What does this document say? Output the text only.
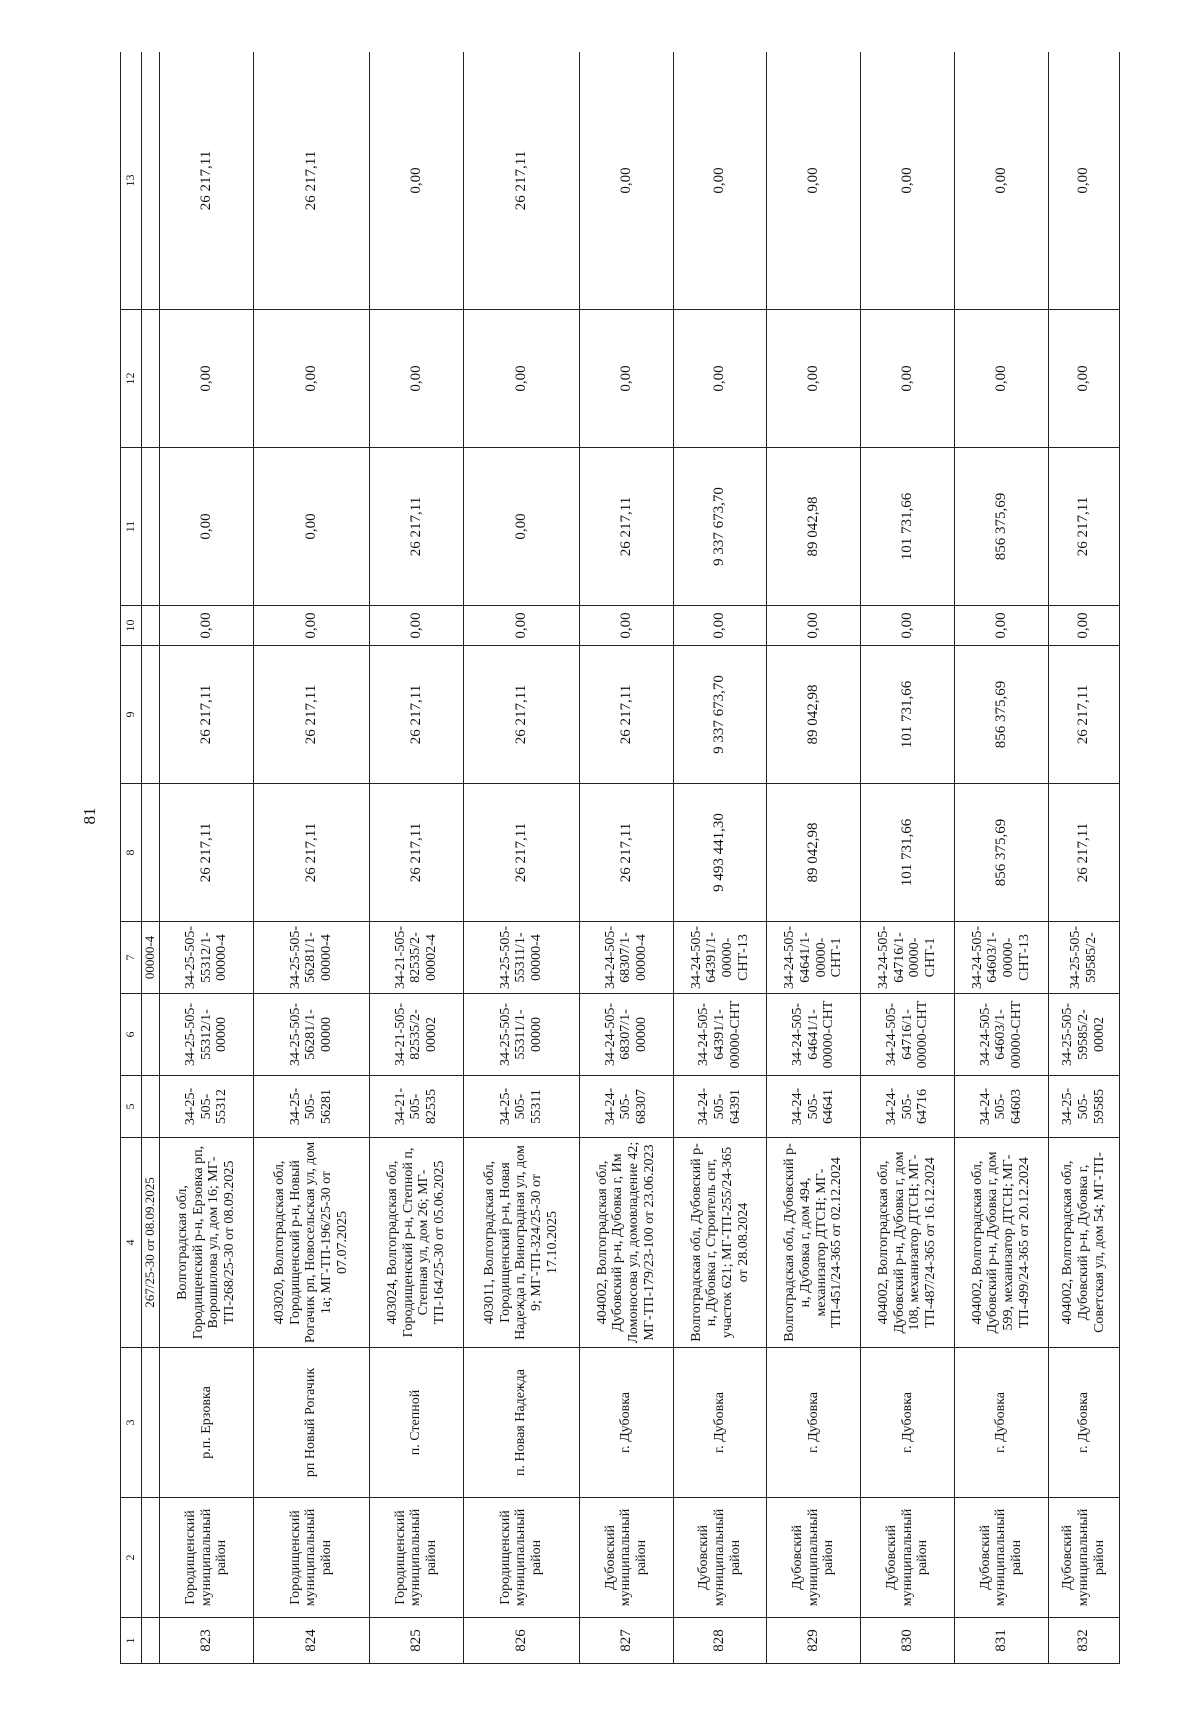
81
1	2	3	4	5	6	7	8	9	10	11	12	13
			267/25-30 от 08.09.2025			00000-4						
823	Городищенский муниципальный район	р.п. Ерзовка	Волгоградская обл, Городищенский р-н, Ерзовка рп, Ворошилова ул, дом 16; МГ-ТП-268/25-30 от 08.09.2025	34-25-505-55312	34-25-505-55312/1-00000	34-25-505-55312/1-00000-4	26 217,11	26 217,11	0,00	0,00	0,00	26 217,11
824	Городищенский муниципальный район	рп Новый Рогачик	403020, Волгоградская обл, Городищенский р-н, Новый Рогачик рп, Новосельская ул, дом 1а; МГ-ТП-196/25-30 от 07.07.2025	34-25-505-56281	34-25-505-56281/1-00000	34-25-505-56281/1-00000-4	26 217,11	26 217,11	0,00	0,00	0,00	26 217,11
825	Городищенский муниципальный район	п. Степной	403024, Волгоградская обл, Городищенский р-н, Степной п, Степная ул, дом 26; МГ-ТП-164/25-30 от 05.06.2025	34-21-505-82535	34-21-505-82535/2-00002	34-21-505-82535/2-00002-4	26 217,11	26 217,11	0,00	26 217,11	0,00	0,00
826	Городищенский муниципальный район	п. Новая Надежда	403011, Волгоградская обл, Городищенский р-н, Новая Надежда п, Виноградная ул, дом 9; МГ-ТП-324/25-30 от 17.10.2025	34-25-505-55311	34-25-505-55311/1-00000	34-25-505-55311/1-00000-4	26 217,11	26 217,11	0,00	0,00	0,00	26 217,11
827	Дубовский муниципальный район	г. Дубовка	404002, Волгоградская обл, Дубовский р-н, Дубовка г, Им Ломоносова ул, домовладение 42; МГ-ТП-179/23-100 от 23.06.2023	34-24-505-68307	34-24-505-68307/1-00000	34-24-505-68307/1-00000-4	26 217,11	26 217,11	0,00	26 217,11	0,00	0,00
828	Дубовский муниципальный район	г. Дубовка	Волгоградская обл, Дубовский р-н, Дубовка г, Строитель снт, участок 621; МГ-ТП-255/24-365 от 28.08.2024	34-24-505-64391	34-24-505-64391/1-00000-СНТ	34-24-505-64391/1-00000-СНТ-13	9 493 441,30	9 337 673,70	0,00	9 337 673,70	0,00	0,00
829	Дубовский муниципальный район	г. Дубовка	Волгоградская обл, Дубовский р-н, Дубовка г, дом 494, механизатор ДТСН; МГ-ТП-451/24-365 от 02.12.2024	34-24-505-64641	34-24-505-64641/1-00000-СНТ	34-24-505-64641/1-00000-СНТ-1	89 042,98	89 042,98	0,00	89 042,98	0,00	0,00
830	Дубовский муниципальный район	г. Дубовка	404002, Волгоградская обл, Дубовский р-н, Дубовка г, дом 108, механизатор ДТСН; МГ-ТП-487/24-365 от 16.12.2024	34-24-505-64716	34-24-505-64716/1-00000-СНТ	34-24-505-64716/1-00000-СНТ-1	101 731,66	101 731,66	0,00	101 731,66	0,00	0,00
831	Дубовский муниципальный район	г. Дубовка	404002, Волгоградская обл, Дубовский р-н, Дубовка г, дом 599, механизатор ДТСН; МГ-ТП-499/24-365 от 20.12.2024	34-24-505-64603	34-24-505-64603/1-00000-СНТ	34-24-505-64603/1-00000-СНТ-13	856 375,69	856 375,69	0,00	856 375,69	0,00	0,00
832	Дубовский муниципальный район	г. Дубовка	404002, Волгоградская обл, Дубовский р-н, Дубовка г, Советская ул, дом 54; МГ-ТП-	34-25-505-59585	34-25-505-59585/2-00002	34-25-505-59585/2-	26 217,11	26 217,11	0,00	26 217,11	0,00	0,00
